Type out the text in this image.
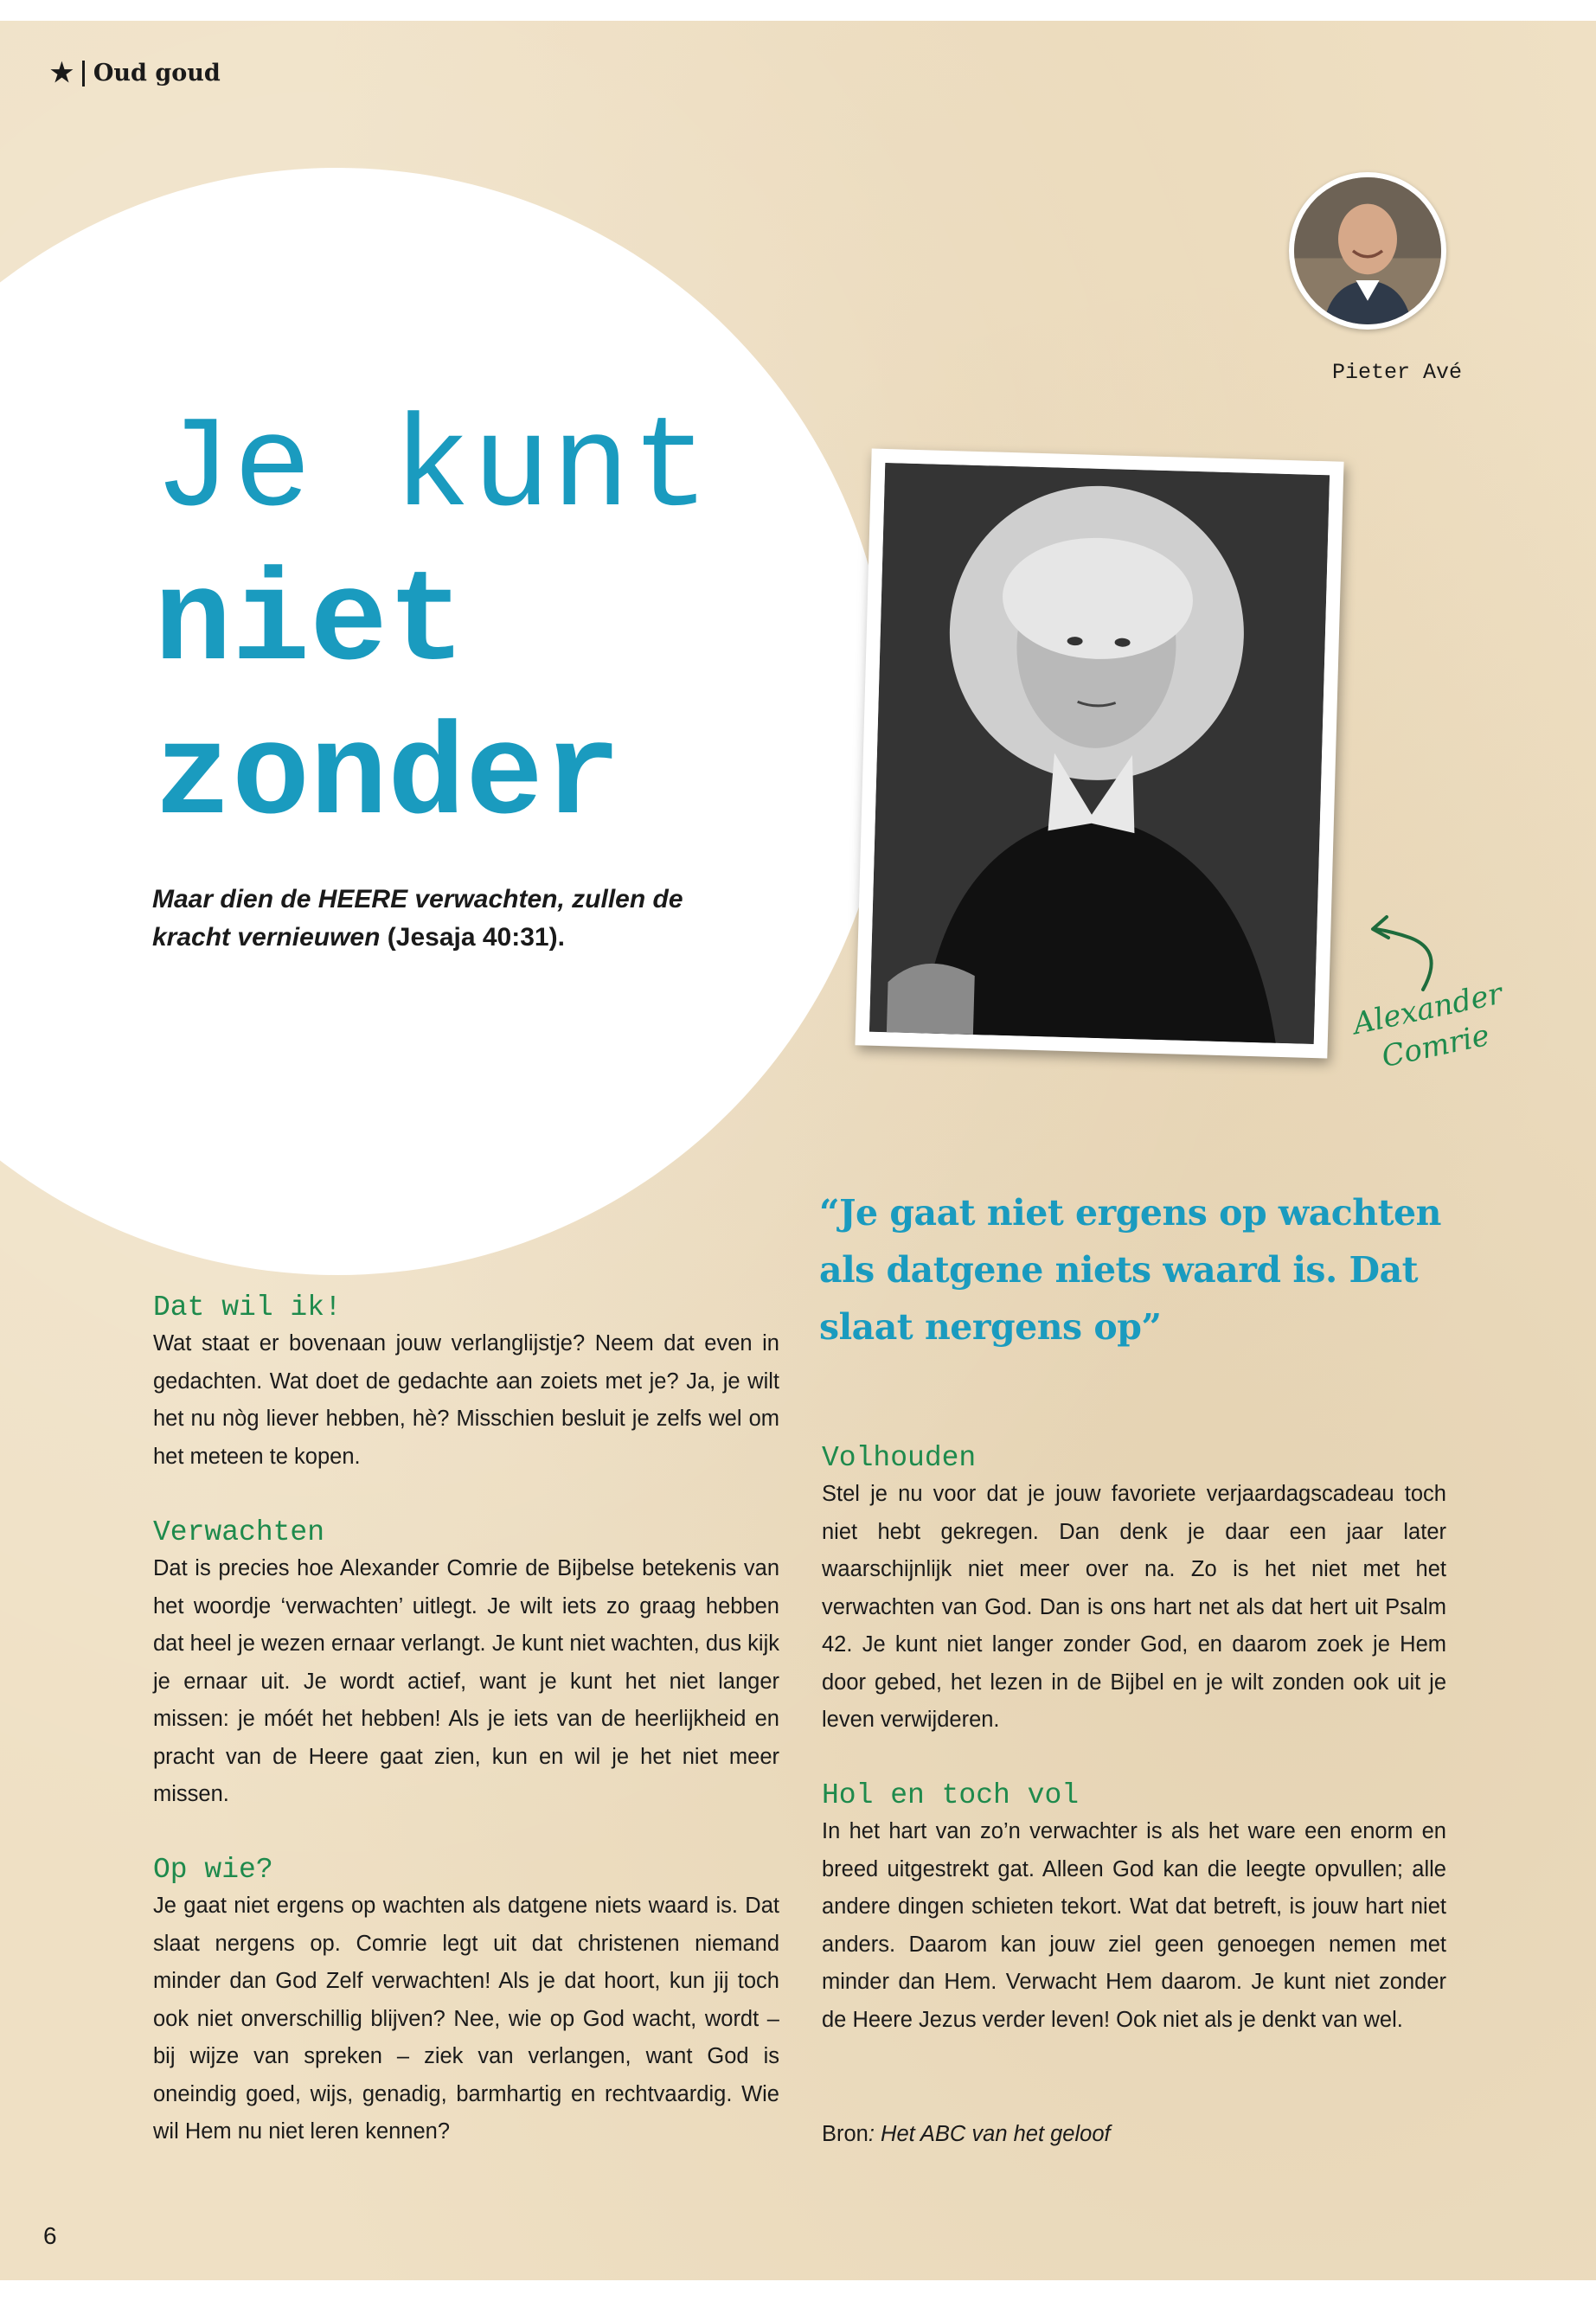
★ Oud goud
Je kunt
niet
zonder
Maar dien de HEERE verwachten, zullen de kracht vernieuwen (Jesaja 40:31).
Pieter Avé
Alexander Comrie
“Je gaat niet ergens op wachten als datgene niets waard is. Dat slaat nergens op”
Dat wil ik!

Wat staat er bovenaan jouw verlanglijstje? Neem dat even in gedachten. Wat doet de gedachte aan zoiets met je? Ja, je wilt het nu nòg liever hebben, hè? Misschien besluit je zelfs wel om het meteen te kopen.

Verwachten

Dat is precies hoe Alexander Comrie de Bijbelse betekenis van het woordje ‘verwachten’ uitlegt. Je wilt iets zo graag hebben dat heel je wezen ernaar verlangt. Je kunt niet wachten, dus kijk je ernaar uit. Je wordt actief, want je kunt het niet langer missen: je móét het hebben! Als je iets van de heerlijkheid en pracht van de Heere gaat zien, kun en wil je het niet meer missen.

Op wie?

Je gaat niet ergens op wachten als datgene niets waard is. Dat slaat nergens op. Comrie legt uit dat christenen niemand minder dan God Zelf verwachten! Als je dat hoort, kun jij toch ook niet onverschillig blijven? Nee, wie op God wacht, wordt – bij wijze van spreken – ziek van verlangen, want God is oneindig goed, wijs, genadig, barmhartig en rechtvaardig. Wie wil Hem nu niet leren kennen?

Volhouden

Stel je nu voor dat je jouw favoriete verjaardagscadeau toch niet hebt gekregen. Dan denk je daar een jaar later waarschijnlijk niet meer over na. Zo is het niet met het verwachten van God. Dan is ons hart net als dat hert uit Psalm 42. Je kunt niet langer zonder God, en daarom zoek je Hem door gebed, het lezen in de Bijbel en je wilt zonden ook uit je leven verwijderen.

Hol en toch vol

In het hart van zo’n verwachter is als het ware een enorm en breed uitgestrekt gat. Alleen God kan die leegte opvullen; alle andere dingen schieten tekort. Wat dat betreft, is jouw hart niet anders. Daarom kan jouw ziel geen genoegen nemen met minder dan Hem. Verwacht Hem daarom. Je kunt niet zonder de Heere Jezus verder leven! Ook niet als je denkt van wel.

Bron: Het ABC van het geloof
6
